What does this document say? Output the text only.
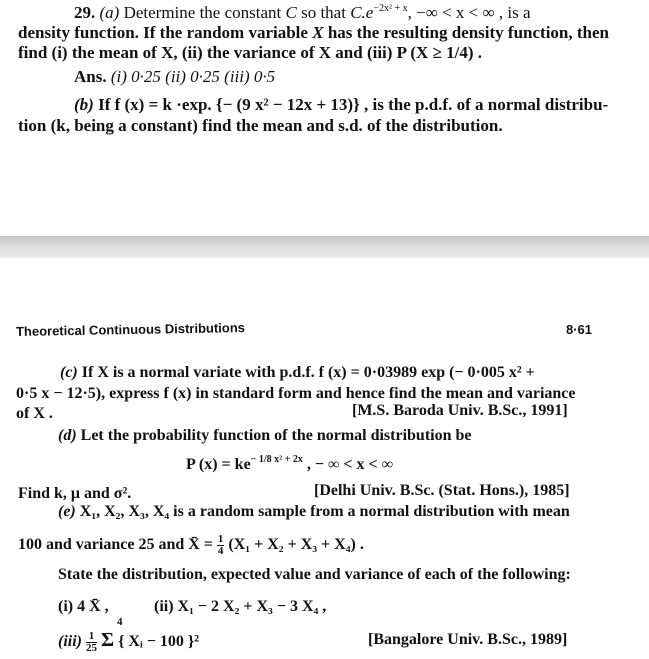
29. (a) Determine the constant C so that $C.e^{-2x^2 + x}$, −∞ < x < ∞ , is a
density function. If the random variable X has the resulting density function, then
find (i) the mean of X, (ii) the variance of X and (iii) P (X ≥ 1/4) .
Ans. (i) 0·25 (ii) 0·25 (iii) 0·5
(b) If f (x) = k ·exp. {− (9 x² − 12x + 13)} , is the p.d.f. of a normal distribu-
tion (k, being a constant) find the mean and s.d. of the distribution.
Theoretical Continuous Distributions	8·61
(c) If X is a normal variate with p.d.f. f (x) = 0·03989 exp (− 0·005 x² +
0·5 x − 12·5), express f (x) in standard form and hence find the mean and variance
of X .	[M.S. Baroda Univ. B.Sc., 1991]
(d) Let the probability function of the normal distribution be
P $(x) = ke^{- 1/8 x^2 + 2x}$ , − ∞ < x < ∞
Find k, μ and σ².	[Delhi Univ. B.Sc. (Stat. Hons.), 1985]
(e) X₁, X₂, X₃, X₄ is a random sample from a normal distribution with mean
100 and variance 25 and X̄ = $\frac{1}{4} (X_1 + X_2 + X_3 + X_4)$ .
State the distribution, expected value and variance of each of the following:
(i) 4 X̄ ,	(ii) X₁ − 2 X₂ + X₃ − 3 X₄ ,
$(iii) \frac{1}{25}$ Σ { Xᵢ − 100 }²
4
[Bangalore Univ. B.Sc., 1989]
